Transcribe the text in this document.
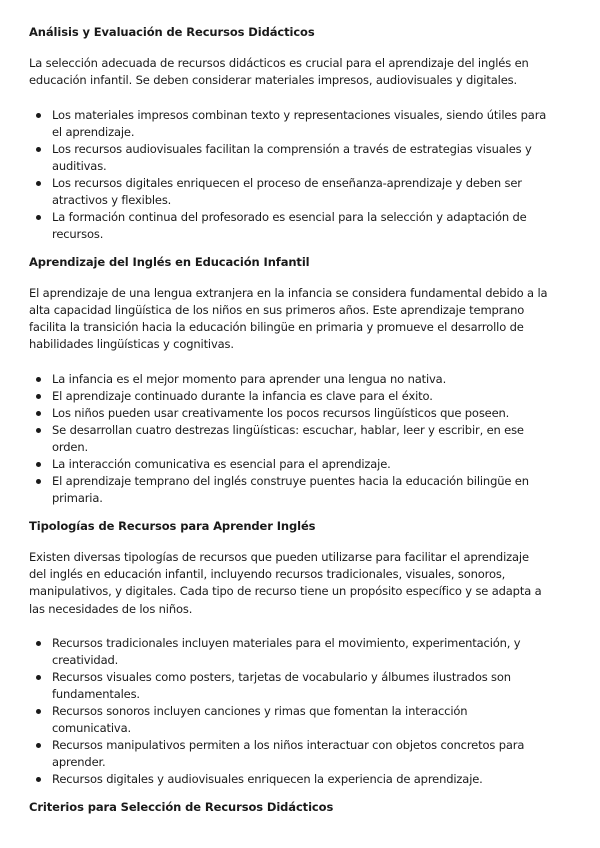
Análisis y Evaluación de Recursos Didácticos

La selección adecuada de recursos didácticos es crucial para el aprendizaje del inglés en educación infantil. Se deben considerar materiales impresos, audiovisuales y digitales.

Los materiales impresos combinan texto y representaciones visuales, siendo útiles para el aprendizaje.
Los recursos audiovisuales facilitan la comprensión a través de estrategias visuales y auditivas.
Los recursos digitales enriquecen el proceso de enseñanza-aprendizaje y deben ser atractivos y flexibles.
La formación continua del profesorado es esencial para la selección y adaptación de recursos.
Aprendizaje del Inglés en Educación Infantil

El aprendizaje de una lengua extranjera en la infancia se considera fundamental debido a la alta capacidad lingüística de los niños en sus primeros años. Este aprendizaje temprano facilita la transición hacia la educación bilingüe en primaria y promueve el desarrollo de habilidades lingüísticas y cognitivas.

La infancia es el mejor momento para aprender una lengua no nativa.
El aprendizaje continuado durante la infancia es clave para el éxito.
Los niños pueden usar creativamente los pocos recursos lingüísticos que poseen.
Se desarrollan cuatro destrezas lingüísticas: escuchar, hablar, leer y escribir, en ese orden.
La interacción comunicativa es esencial para el aprendizaje.
El aprendizaje temprano del inglés construye puentes hacia la educación bilingüe en primaria.
Tipologías de Recursos para Aprender Inglés

Existen diversas tipologías de recursos que pueden utilizarse para facilitar el aprendizaje del inglés en educación infantil, incluyendo recursos tradicionales, visuales, sonoros, manipulativos, y digitales. Cada tipo de recurso tiene un propósito específico y se adapta a las necesidades de los niños.

Recursos tradicionales incluyen materiales para el movimiento, experimentación, y creatividad.
Recursos visuales como posters, tarjetas de vocabulario y álbumes ilustrados son fundamentales.
Recursos sonoros incluyen canciones y rimas que fomentan la interacción comunicativa.
Recursos manipulativos permiten a los niños interactuar con objetos concretos para aprender.
Recursos digitales y audiovisuales enriquecen la experiencia de aprendizaje.
Criterios para Selección de Recursos Didácticos
